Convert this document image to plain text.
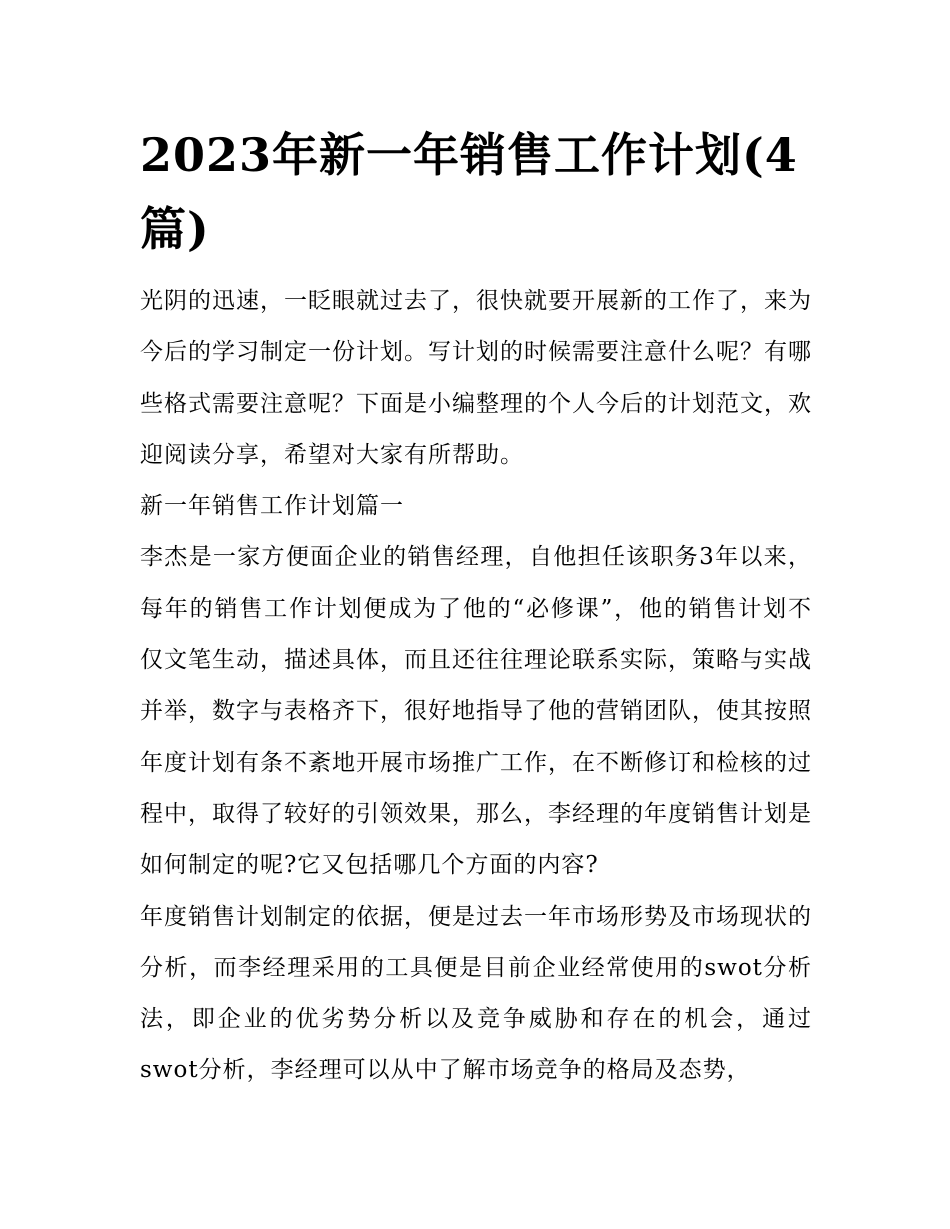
2023年新一年销售工作计划(4篇)

光阴的迅速，一眨眼就过去了，很快就要开展新的工作了，来为今后的学习制定一份计划。写计划的时候需要注意什么呢？有哪些格式需要注意呢？下面是小编整理的个人今后的计划范文，欢迎阅读分享，希望对大家有所帮助。

新一年销售工作计划篇一

李杰是一家方便面企业的销售经理，自他担任该职务3年以来，每年的销售工作计划便成为了他的“必修课”，他的销售计划不仅文笔生动，描述具体，而且还往往理论联系实际，策略与实战并举，数字与表格齐下，很好地指导了他的营销团队，使其按照年度计划有条不紊地开展市场推广工作，在不断修订和检核的过程中，取得了较好的引领效果，那么，李经理的年度销售计划是如何制定的呢?它又包括哪几个方面的内容?

年度销售计划制定的依据，便是过去一年市场形势及市场现状的分析，而李经理采用的工具便是目前企业经常使用的swot分析法，即企业的优劣势分析以及竞争威胁和存在的机会，通过swot分析，李经理可以从中了解市场竞争的格局及态势，
